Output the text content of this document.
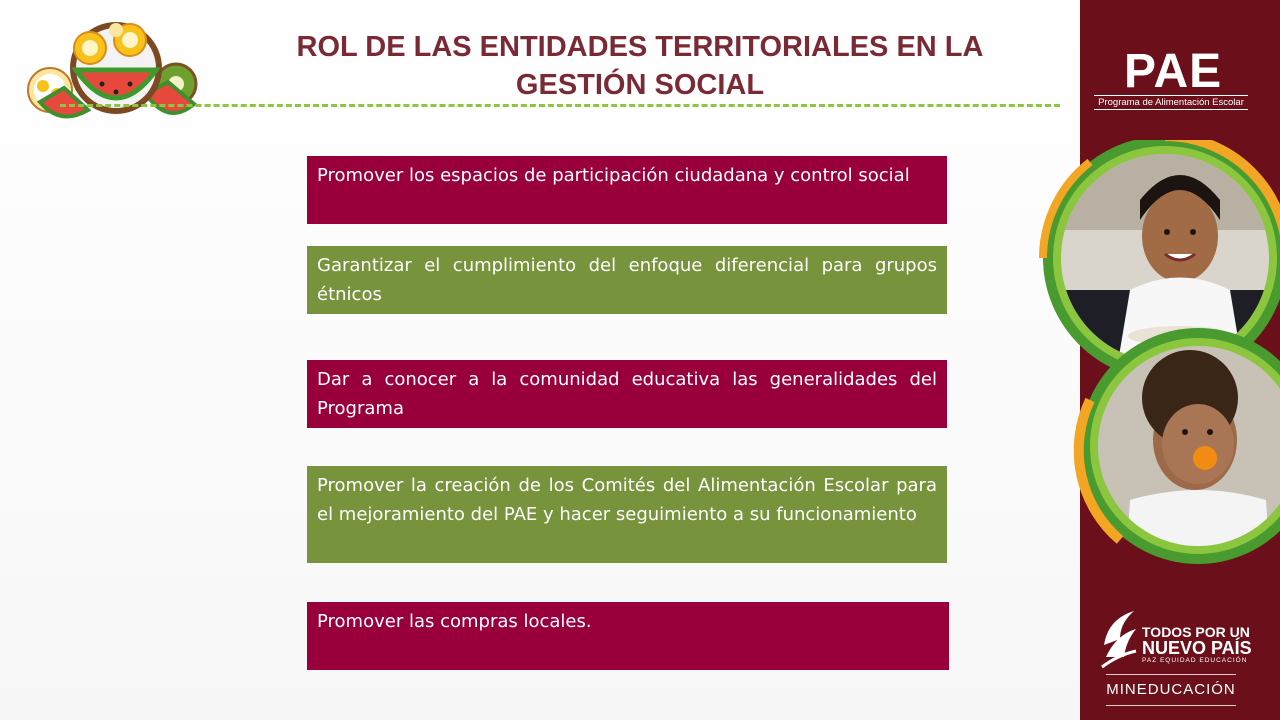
ROL DE LAS ENTIDADES TERRITORIALES EN LA
GESTIÓN SOCIAL
Promover los espacios de participación ciudadana y control social
Garantizar el cumplimiento del enfoque diferencial para grupos étnicos
Dar a conocer a la comunidad educativa las generalidades del Programa
Promover la creación de los Comités del Alimentación Escolar para el mejoramiento del PAE y hacer seguimiento a su funcionamiento
Promover las compras locales.
PAE
Programa de Alimentación Escolar
TODOS POR UN
NUEVO PAÍS
PAZ EQUIDAD EDUCACIÓN
MINEDUCACIÓN
